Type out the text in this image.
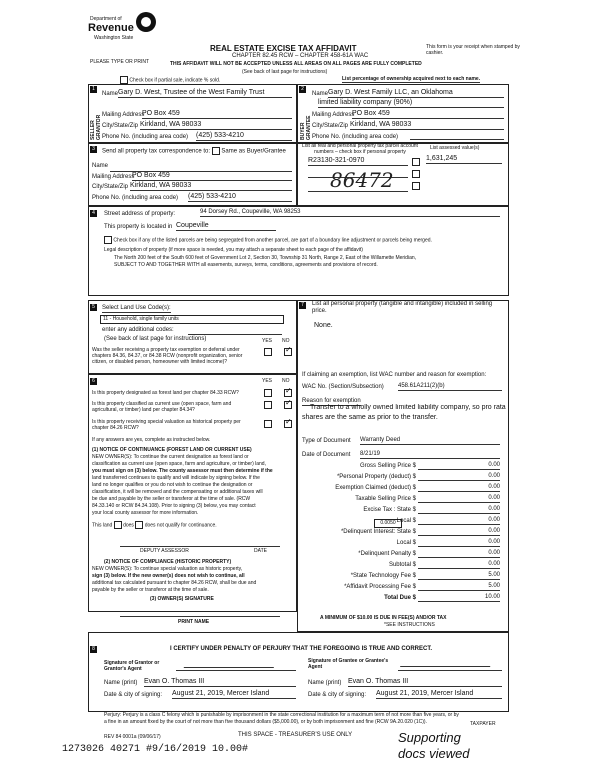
Department of
Revenue
Washington State
PLEASE TYPE OR PRINT
REAL ESTATE EXCISE TAX AFFIDAVIT
CHAPTER 82.45 RCW – CHAPTER 458-61A WAC
THIS AFFIDAVIT WILL NOT BE ACCEPTED UNLESS ALL AREAS ON ALL PAGES ARE FULLY COMPLETED
(See back of last page for instructions)
This form is your receipt when stamped by cashier.
Check box if partial sale, indicate % sold.	List percentage of ownership acquired next to each name.
1
SELLER GRANTOR
Name Gary D. West, Trustee of the West Family Trust
Mailing Address
PO Box 459
City/State/Zip Kirkland, WA 98033
Phone No. (including area code) (425) 533-4210
2
BUYER GRANTEE
Name Gary D. West Family LLC, an Oklahoma
limited liability company (90%)
Mailing Address
PO Box 459
City/State/Zip Kirkland, WA 98033
Phone No. (including area code)
3	Send all property tax correspondence to: Same as Buyer/Grantee
Name
Mailing Address
PO Box 459
City/State/Zip Kirkland, WA 98033
Phone No. (including area code) (425) 533-4210
List all real and personal property tax parcel account numbers – check box if personal property
List assessed value(s)
R23130-321-0970	1,631,245
86472
4	Street address of property:	94 Dorsey Rd., Coupeville, WA 98253
This property is located in Coupeville
Check box if any of the listed parcels are being segregated from another parcel, are part of a boundary line adjustment or parcels being merged.
Legal description of property (if more space is needed, you may attach a separate sheet to each page of the affidavit)
The North 200 feet of the South 600 feet of Government Lot 2, Section 30, Township 31 North, Range 2, East of the Willamette Meridian,
SUBJECT TO AND TOGETHER WITH all easements, surveys, terms, conditions, agreements and provisions of record.
5	Select Land Use Code(s):
11 - Household, single family units
enter any additional codes:
(See back of last page for instructions)	YES NO
Was the seller receiving a property tax exemption or deferral under chapters 84.36, 84.37, or 84.38 RCW (nonprofit organization, senior citizen, or disabled person, homeowner with limited income)?
✓
6	YES NO
Is this property designated as forest land per chapter 84.33 RCW?	✓
Is this property classified as current use (open space, farm and agricultural, or timber) land per chapter 84.34?
✓
Is this property receiving special valuation as historical property per chapter 84.26 RCW?
✓
If any answers are yes, complete as instructed below.
(1) NOTICE OF CONTINUANCE (FOREST LAND OR CURRENT USE)
NEW OWNER(S): To continue the current designation as forest land or
classification as current use (open space, farm and agriculture, or timber) land,
you must sign on (3) below. The county assessor must then determine if the
land transferred continues to qualify and will indicate by signing below. If the
land no longer qualifies or you do not wish to continue the designation or
classification, it will be removed and the compensating or additional taxes will
be due and payable by the seller or transferor at the time of sale. (RCW
84.33.140 or RCW 84.34.108). Prior to signing (3) below, you may contact
your local county assessor for more information.
This land does does not qualify for continuance.
DEPUTY ASSESSOR	DATE
(2) NOTICE OF COMPLIANCE (HISTORIC PROPERTY)
NEW OWNER(S): To continue special valuation as historic property,
sign (3) below. If the new owner(s) does not wish to continue, all
additional tax calculated pursuant to chapter 84.26 RCW, shall be due and
payable by the seller or transferor at the time of sale.
(3) OWNER(S) SIGNATURE
PRINT NAME
7	List all personal property (tangible and intangible) included in selling price.
None.
If claiming an exemption, list WAC number and reason for exemption:
WAC No. (Section/Subsection) 458.61A211(2)(b)
Reason for exemption
Transfer to a wholly owned limited liability company, so pro rata
shares are the same as prior to the transfer.
Type of Document Warranty Deed
Date of Document 8/21/19
0.0050
Gross Selling Price $	0.00
*Personal Property (deduct) $	0.00
Exemption Claimed (deduct) $	0.00
Taxable Selling Price $	0.00
Excise Tax : State $	0.00
Local $	0.00
*Delinquent Interest: State $	0.00
Local $	0.00
*Delinquent Penalty $	0.00
Subtotal $	0.00
*State Technology Fee $	5.00
*Affidavit Processing Fee $	5.00
Total Due $	10.00
A MINIMUM OF $10.00 IS DUE IN FEE(S) AND/OR TAX
*SEE INSTRUCTIONS
8	I CERTIFY UNDER PENALTY OF PERJURY THAT THE FOREGOING IS TRUE AND CORRECT.
Signature of Grantor or Grantor's Agent
Signature of Grantee or Grantee's Agent
Name (print) Evan O. Thomas III	Name (print) Evan O. Thomas III
Date & city of signing: August 21, 2019, Mercer Island	Date & city of signing: August 21, 2019, Mercer Island
Perjury: Perjury is a class C felony which is punishable by imprisonment in the state correctional institution for a maximum term of not more than five years, or by
a fine in an amount fixed by the court of not more than five thousand dollars ($5,000.00), or by both imprisonment and fine (RCW 9A.20.020 (1C)).	TAXPAYER
REV 84 0001a (09/06/17)	THIS SPACE - TREASURER'S USE ONLY
1273026 40271 #9/16/2019 10.00#
Supporting
docs viewed
